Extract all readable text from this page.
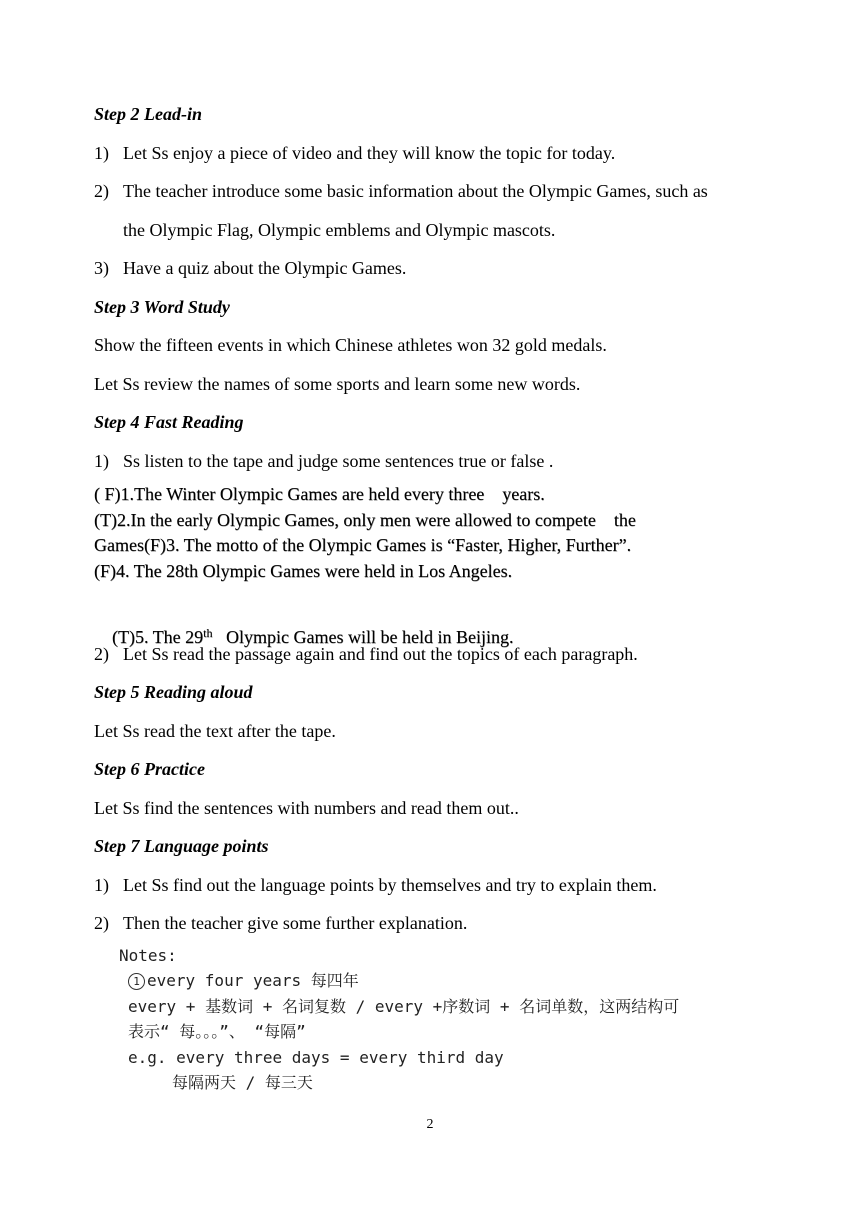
Step 2 Lead-in
1) Let Ss enjoy a piece of video and they will know the topic for today.
2) The teacher introduce some basic information about the Olympic Games, such as
the Olympic Flag, Olympic emblems and Olympic mascots.
3) Have a quiz about the Olympic Games.
Step 3 Word Study
Show the fifteen events in which Chinese athletes won 32 gold medals.
Let Ss review the names of some sports and learn some new words.
Step 4 Fast Reading
1) Ss listen to the tape and judge some sentences true or false .
( F)1.The Winter Olympic Games are held every three    years.
(T)2.In the early Olympic Games, only men were allowed to compete    the
Games(F)3. The motto of the Olympic Games is “Faster, Higher, Further”.
(F)4. The 28th Olympic Games were held in Los Angeles.

(T)5. The 29th   Olympic Games will be held in Beijing.

2) Let Ss read the passage again and find out the topics of each paragraph.
Step 5 Reading aloud
Let Ss read the text after the tape.
Step 6 Practice
Let Ss find the sentences with numbers and read them out..
Step 7 Language points
1) Let Ss find out the language points by themselves and try to explain them.
2) Then the teacher give some further explanation.
Notes:
1 every four years 每四年
every + 基数词 + 名词复数 / every +序数词 + 名词单数，这两结构可
表示“ 每。。。”、 “每隔”
e.g. every three days = every third day
每隔两天 / 每三天
2
